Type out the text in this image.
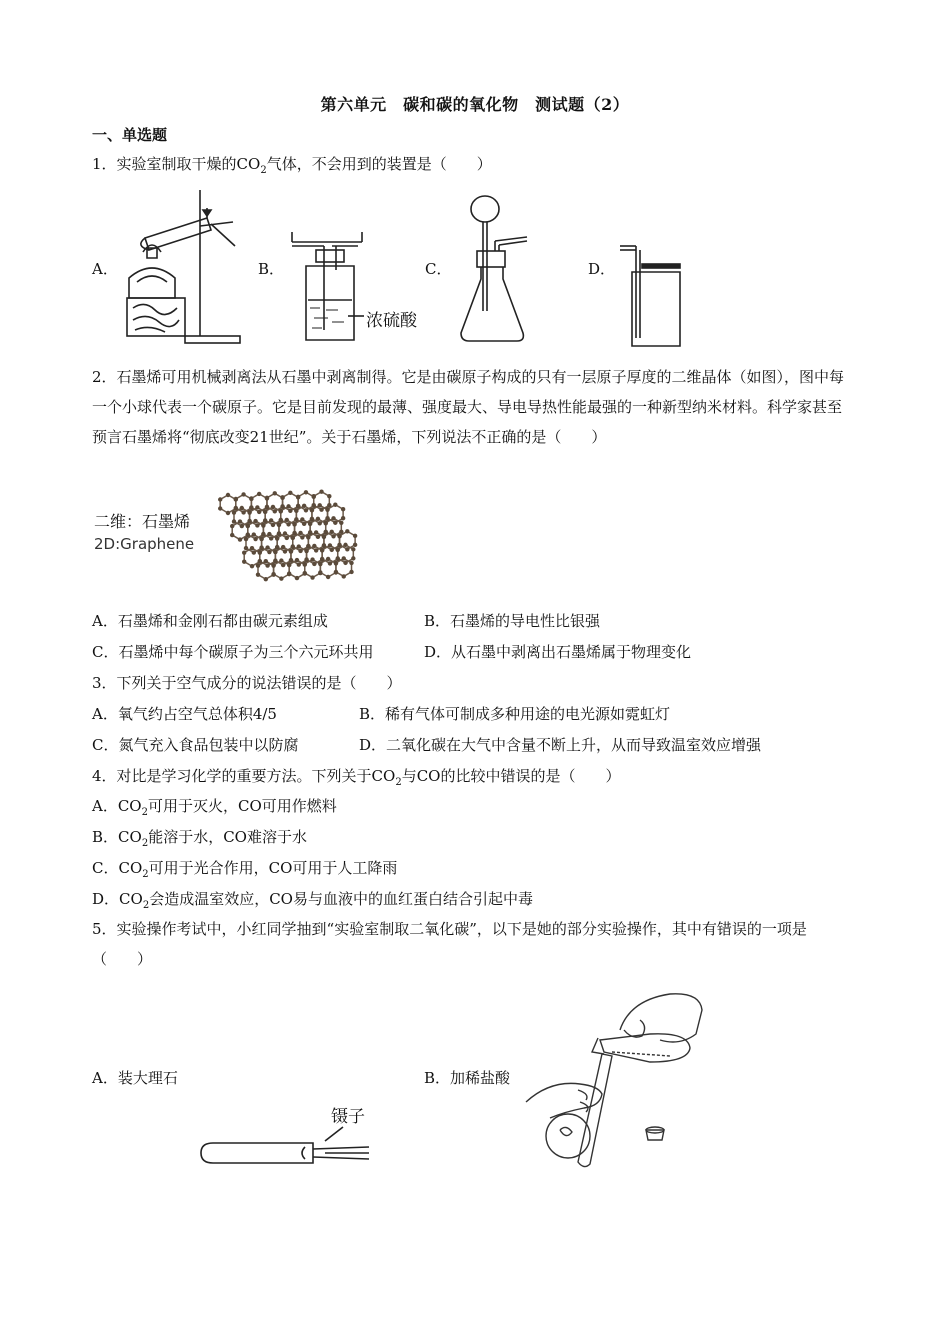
第六单元　碳和碳的氧化物　测试题（2）
一、单选题
1．实验室制取干燥的$CO_2$气体，不会用到的装置是（　　）
A．	B．	C．	D．
浓硫酸
2．石墨烯可用机械剥离法从石墨中剥离制得。它是由碳原子构成的只有一层原子厚度的二维晶体（如图），图中每一个小球代表一个碳原子。它是目前发现的最薄、强度最大、导电导热性能最强的一种新型纳米材料。科学家甚至预言石墨烯将“彻底改变21世纪”。关于石墨烯，下列说法不正确的是（　　）
二维：石墨烯
2D:Graphene
A．石墨烯和金刚石都由碳元素组成	B．石墨烯的导电性比银强
C．石墨烯中每个碳原子为三个六元环共用	D．从石墨中剥离出石墨烯属于物理变化
3．下列关于空气成分的说法错误的是（　　）
A．氧气约占空气总体积4/5	B．稀有气体可制成多种用途的电光源如霓虹灯
C．氮气充入食品包装中以防腐	D．二氧化碳在大气中含量不断上升，从而导致温室效应增强
4．对比是学习化学的重要方法。下列关于$CO_2$与CO的比较中错误的是（　　）
A．$CO_2$可用于灭火，CO可用作燃料
B．$CO_2$能溶于水，CO难溶于水
C．$CO_2$可用于光合作用，CO可用于人工降雨
D．$CO_2$会造成温室效应，CO易与血液中的血红蛋白结合引起中毒
5．实验操作考试中，小红同学抽到“实验室制取二氧化碳”，以下是她的部分实验操作，其中有错误的一项是（　　）
A．装大理石	B．加稀盐酸
镊子
